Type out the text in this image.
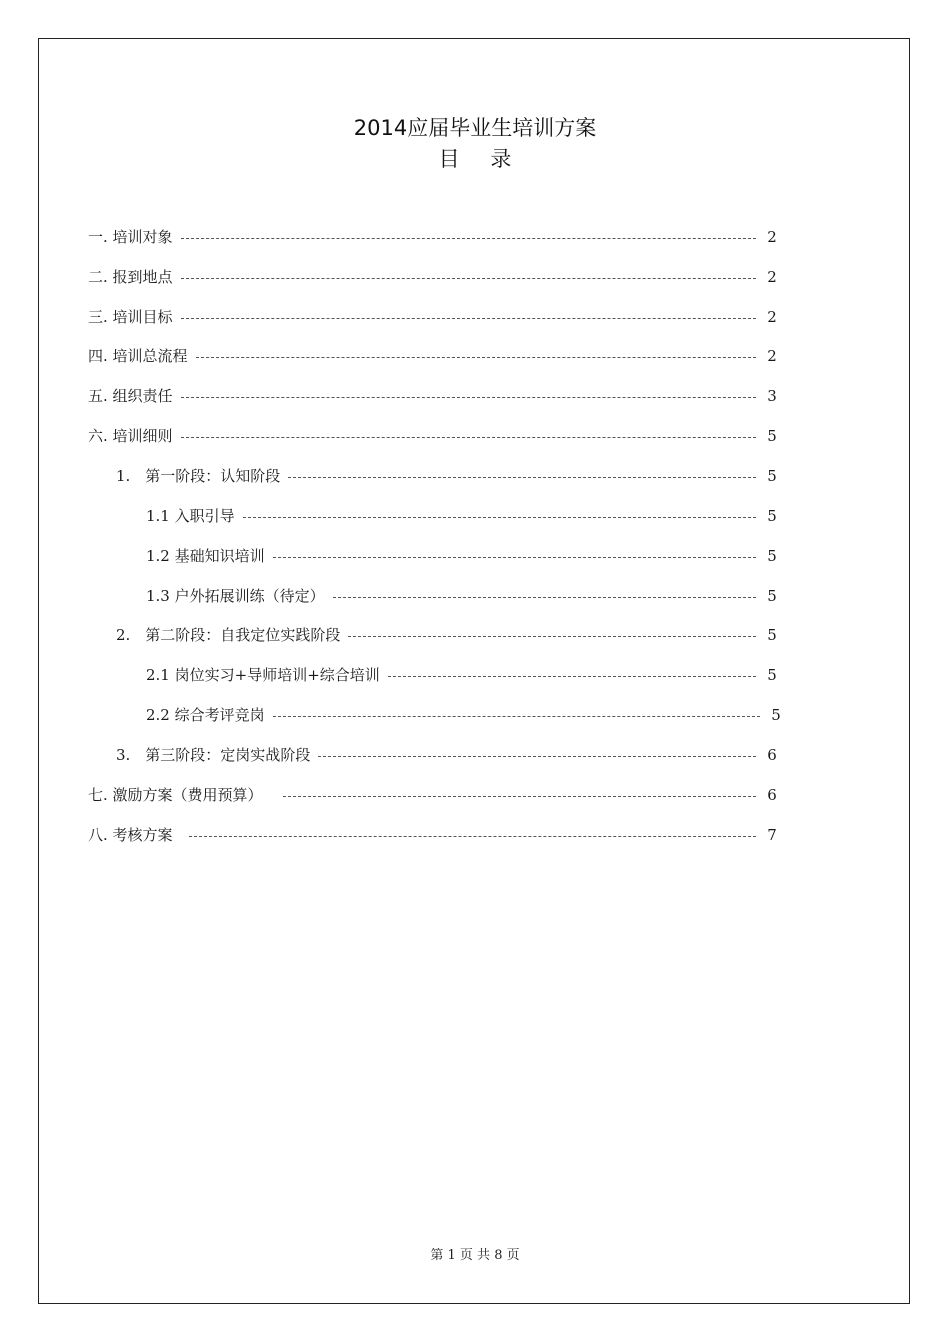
2014应届毕业生培训方案
目 录
一. 培训对象	2
二. 报到地点	2
三. 培训目标	2
四. 培训总流程	2
五. 组织责任	3
六. 培训细则	5
1.　第一阶段：认知阶段	5
1.1 入职引导	5
1.2 基础知识培训	5
1.3 户外拓展训练（待定）	5
2.　第二阶段：自我定位实践阶段	5
2.1 岗位实习+导师培训+综合培训	5
2.2 综合考评竞岗	5
3.　第三阶段：定岗实战阶段	6
七. 激励方案（费用预算）	6
八. 考核方案	7
第 1 页 共 8 页
